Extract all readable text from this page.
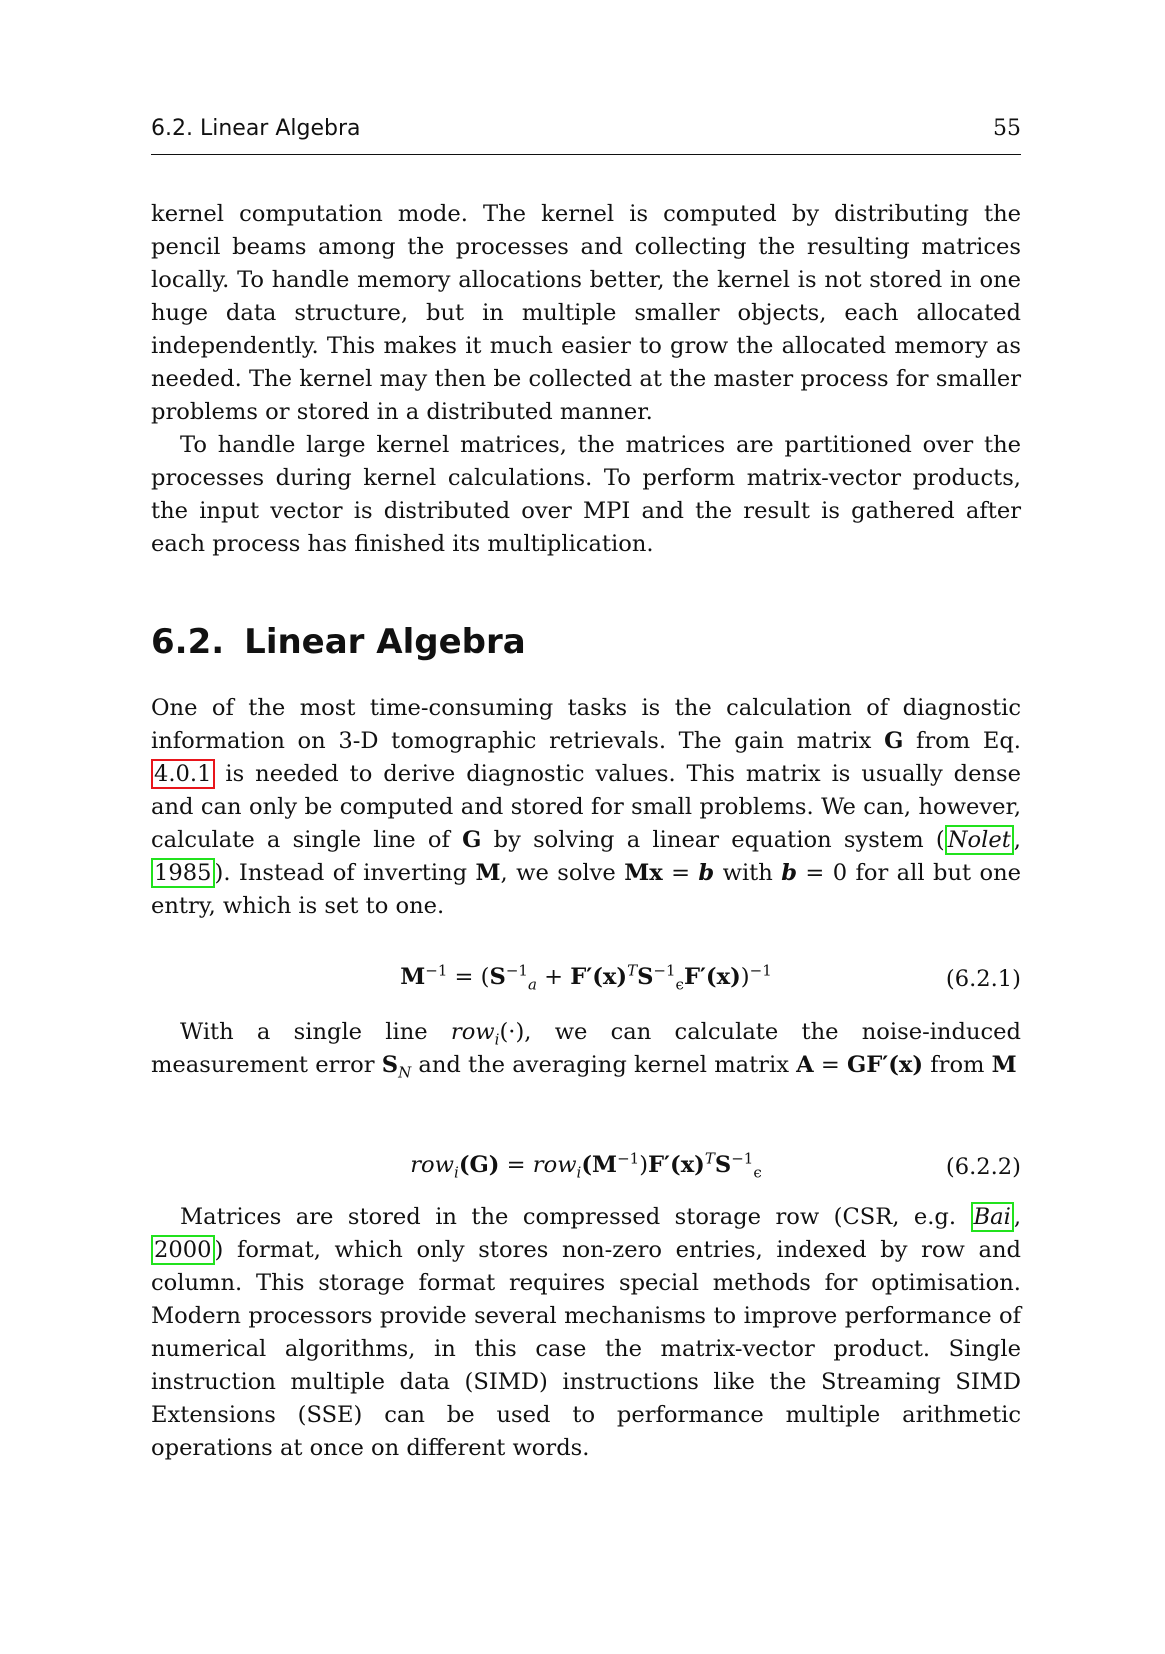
6.2. Linear Algebra	55

kernel computation mode. The kernel is computed by distributing the pencil beams among the processes and collecting the resulting matrices locally. To handle memory allocations better, the kernel is not stored in one huge data structure, but in multiple smaller objects, each allocated independently. This makes it much easier to grow the allocated memory as needed. The kernel may then be collected at the master process for smaller problems or stored in a distributed manner.

To handle large kernel matrices, the matrices are partitioned over the processes during kernel calculations. To perform matrix-vector products, the input vector is distributed over MPI and the result is gathered after each process has finished its multiplication.

6.2. Linear Algebra

One of the most time-consuming tasks is the calculation of diagnostic information on 3-D tomographic retrievals. The gain matrix G from Eq. 4.0.1 is needed to derive diagnostic values. This matrix is usually dense and can only be computed and stored for small problems. We can, however, calculate a single line of G by solving a linear equation system ( Nolet , 1985 ). Instead of inverting M, we solve Mx = b with b = 0 for all but one entry, which is set to one.

$M^{-1} = (S^{-1}_a + F'(x)^TS^{-1}_\epsilon F'(x))^{-1}$	(6.2.1)

With a single line row$_i$(·), we can calculate the noise-induced measurement error $S_N$ and the averaging kernel matrix A = GF′(x) from M

$row_i(G) = row_i(M^{-1})F'(x)^TS^{-1}_\epsilon$	(6.2.2)

Matrices are stored in the compressed storage row (CSR, e.g. Bai , 2000 ) format, which only stores non-zero entries, indexed by row and column. This storage format requires special methods for optimisation. Modern processors provide several mechanisms to improve performance of numerical algorithms, in this case the matrix-vector product. Single instruction multiple data (SIMD) instructions like the Streaming SIMD Extensions (SSE) can be used to performance multiple arithmetic operations at once on different words.
